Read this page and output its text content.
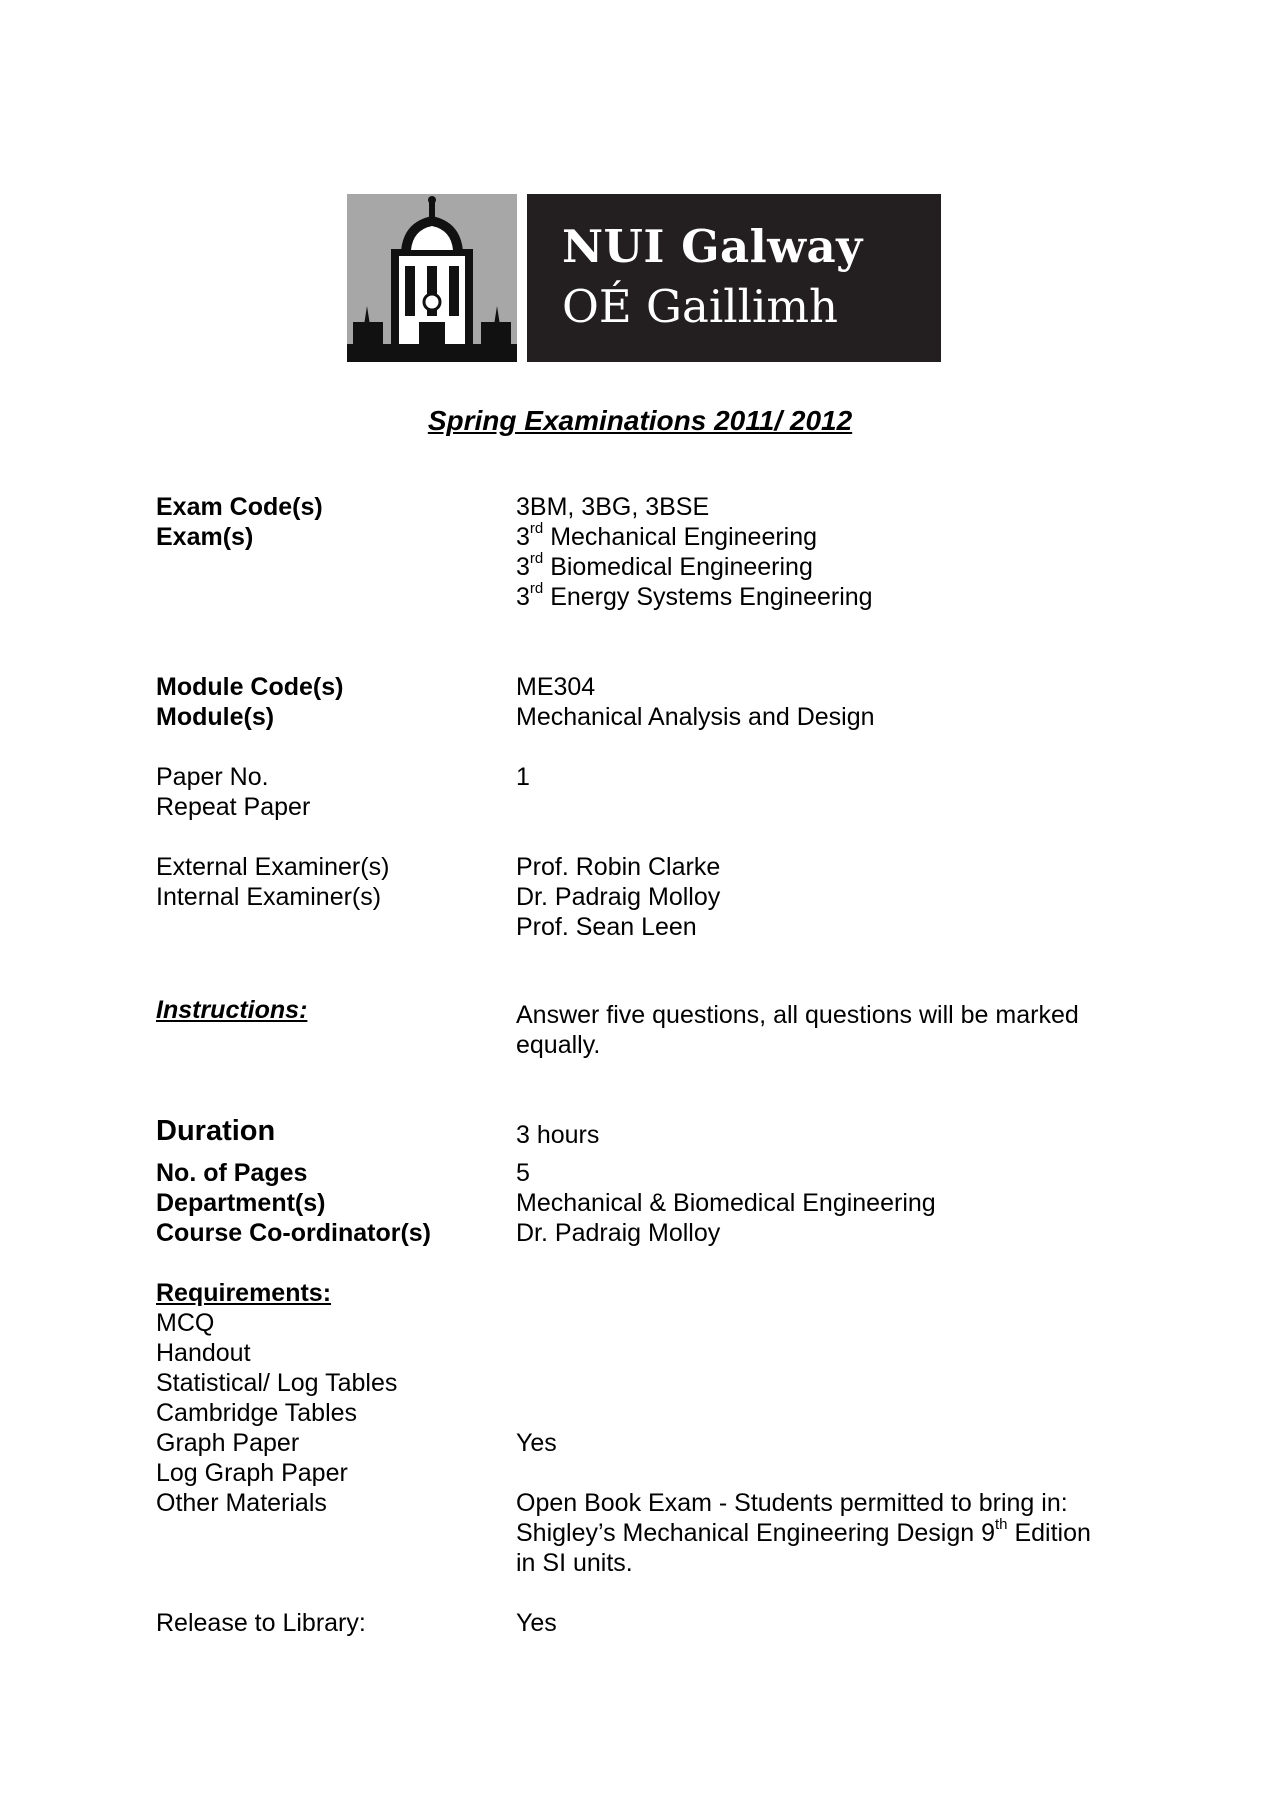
NUI Galway
OÉ Gaillimh
Spring Examinations 2011/ 2012
Exam Code(s)	3BM, 3BG, 3BSE
Exam(s)	3rd Mechanical Engineering
3rd Biomedical Engineering
3rd Energy Systems Engineering
Module Code(s)	ME304
Module(s)	Mechanical Analysis and Design
Paper No.	1
Repeat Paper
External Examiner(s)	Prof. Robin Clarke
Internal Examiner(s)	Dr. Padraig Molloy
Prof. Sean Leen
Instructions:	Answer five questions, all questions will be marked
equally.
Duration	3 hours
No. of Pages	5
Department(s)	Mechanical & Biomedical Engineering
Course Co-ordinator(s)	Dr. Padraig Molloy
Requirements:
MCQ
Handout
Statistical/ Log Tables
Cambridge Tables
Graph Paper	Yes
Log Graph Paper
Other Materials	Open Book Exam - Students permitted to bring in:
Shigley’s Mechanical Engineering Design 9th Edition
in SI units.
Release to Library:	Yes
